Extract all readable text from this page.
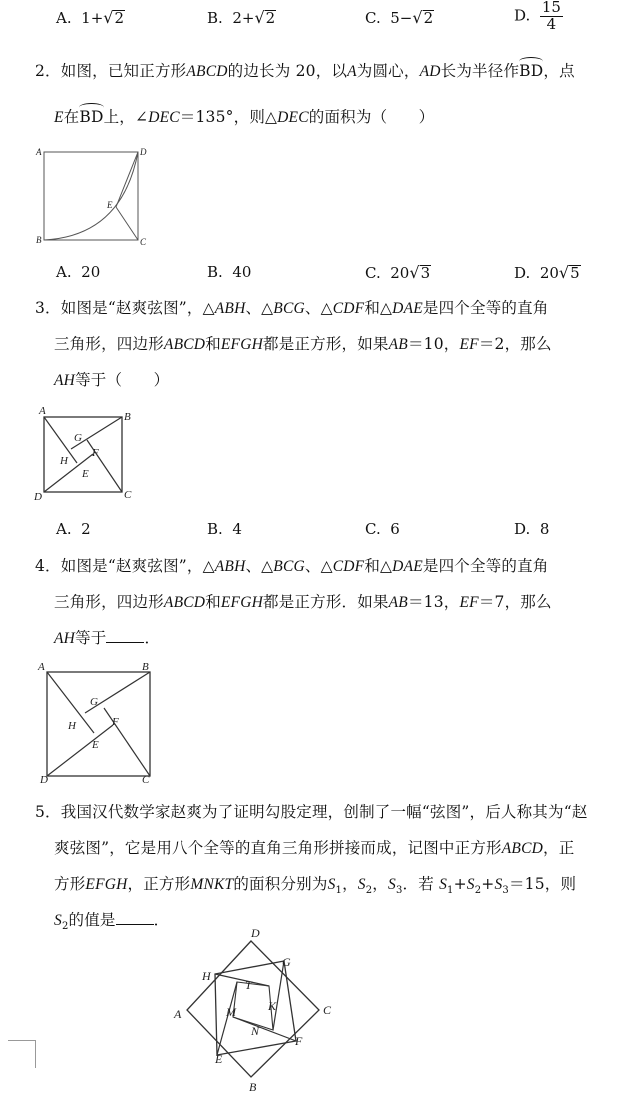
A. 1+√2	B. 2+√2	C. 5−√2	D. $\frac{15}{4}$
2．如图，已知正方形ABCD的边长为 20，以A为圆心，AD长为半径作BD，点
E在BD上，∠DEC＝135°，则△DEC的面积为（　　）
A
B	C
D
E
A. 20	B. 40	C. 20√3	D. 20√5
3．如图是“赵爽弦图”，△ABH、△BCG、△CDF和△DAE是四个全等的直角
三角形，四边形ABCD和EFGH都是正方形，如果AB＝10，EF＝2，那么
AH等于（　　）
A	B
C
D
E
F
G
H
A. 2	B. 4	C. 6	D. 8
4．如图是“赵爽弦图”，△ABH、△BCG、△CDF和△DAE是四个全等的直角
三角形，四边形ABCD和EFGH都是正方形．如果AB＝13，EF＝7，那么
AH等于 ．
A	B
C
D
E
F
G
H
5．我国汉代数学家赵爽为了证明勾股定理，创制了一幅“弦图”，后人称其为“赵
爽弦图”，它是用八个全等的直角三角形拼接而成，记图中正方形ABCD，正
方形EFGH，正方形MNKT的面积分别为$S_1$，$S_2$，$S_3$．若 $S_1+S_2+S_3=15$，则
$S_2$的值是 ．
D
C
B
A
H
G
F
E
M
N
K
T
